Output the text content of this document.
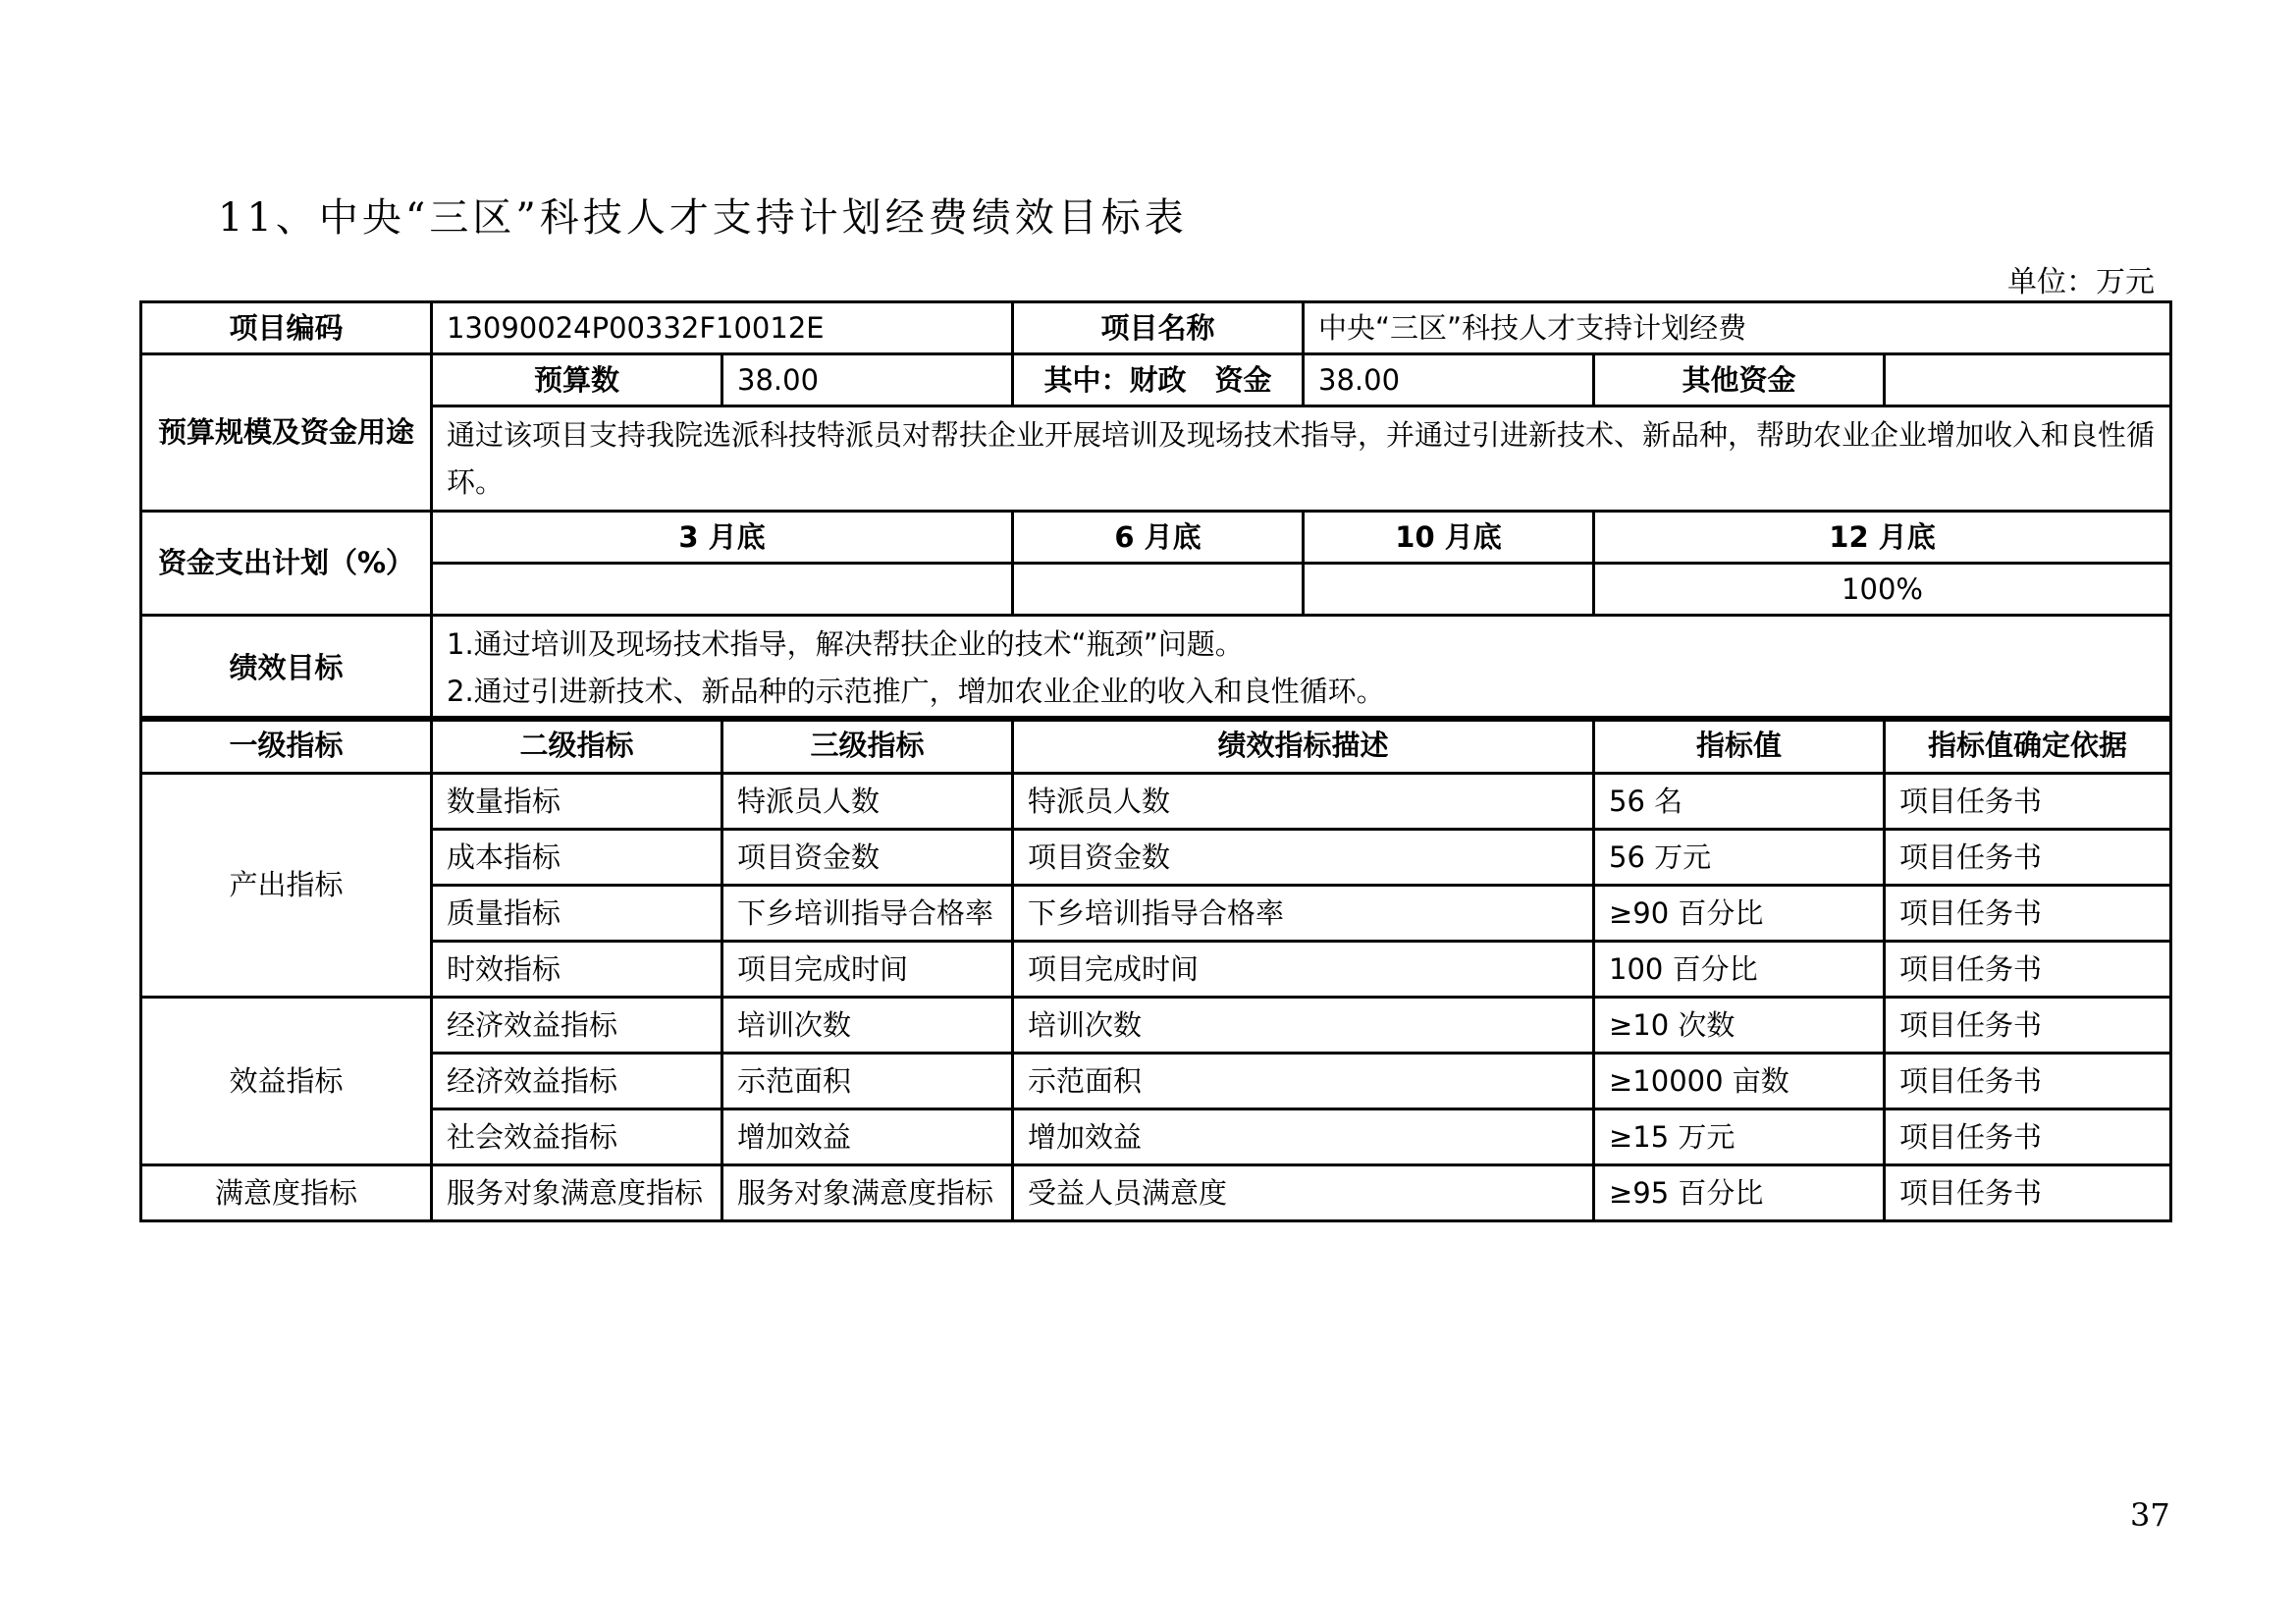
11、中央“三区”科技人才支持计划经费绩效目标表
单位：万元
项目编码	13090024P00332F10012E		项目名称	中央“三区”科技人才支持计划经费		
预算规模及资金用途	预算数	38.00	其中：财政　资金	38.00	其他资金	
	通过该项目支持我院选派科技特派员对帮扶企业开展培训及现场技术指导，并通过引进新技术、新品种，帮助农业企业增加收入和良性循环。					
资金支出计划（%）	3 月底		6 月底	10 月底	12 月底	
					100%	
绩效目标	1.通过培训及现场技术指导，解决帮扶企业的技术“瓶颈”问题。
2.通过引进新技术、新品种的示范推广，增加农业企业的收入和良性循环。					
一级指标	二级指标	三级指标	绩效指标描述	指标值	指标值确定依据
产出指标	数量指标	特派员人数	特派员人数	56 名	项目任务书
	成本指标	项目资金数	项目资金数	56 万元	项目任务书
	质量指标	下乡培训指导合格率	下乡培训指导合格率	≥90 百分比	项目任务书
	时效指标	项目完成时间	项目完成时间	100 百分比	项目任务书
效益指标	经济效益指标	培训次数	培训次数	≥10 次数	项目任务书
	经济效益指标	示范面积	示范面积	≥10000 亩数	项目任务书
	社会效益指标	增加效益	增加效益	≥15 万元	项目任务书
满意度指标	服务对象满意度指标	服务对象满意度指标	受益人员满意度	≥95 百分比	项目任务书
37
